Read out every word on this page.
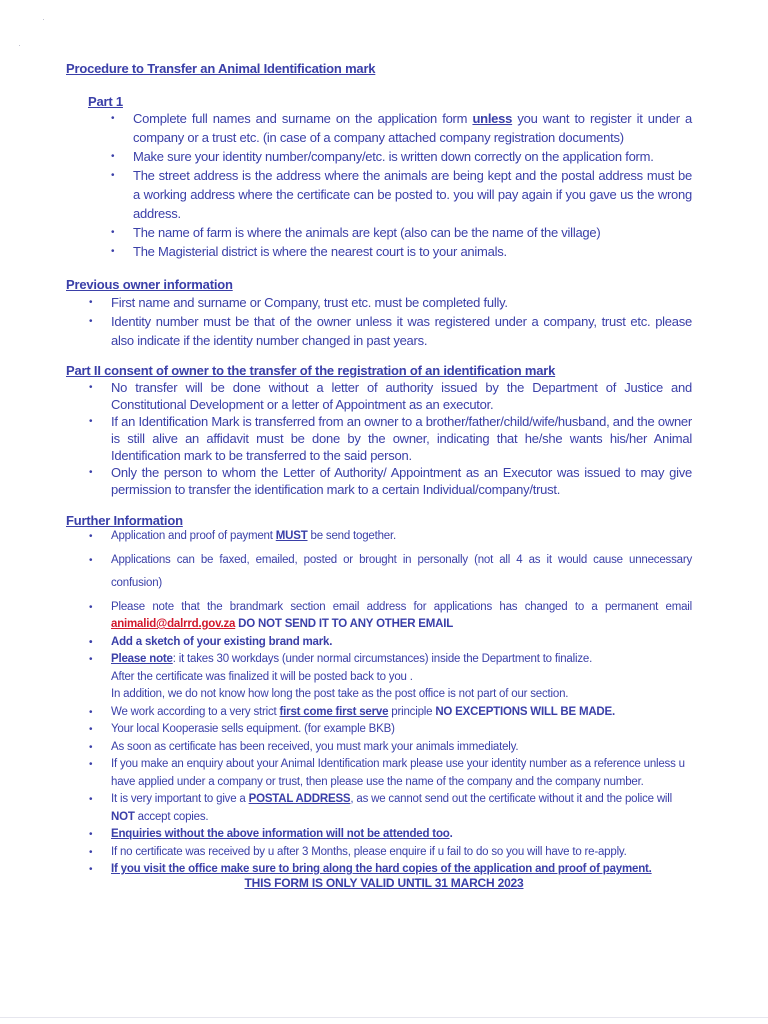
·
·
Procedure to Transfer an Animal Identification mark
Part 1
• Complete full names and surname on the application form unless you want to register it under a company or a trust etc. (in case of a company attached company registration documents)
• Make sure your identity number/company/etc. is written down correctly on the application form.
• The street address is the address where the animals are being kept and the postal address must be a working address where the certificate can be posted to. you will pay again if you gave us the wrong address.
• The name of farm is where the animals are kept (also can be the name of the village)
• The Magisterial district is where the nearest court is to your animals.
Previous owner information
• First name and surname or Company, trust etc. must be completed fully.
• Identity number must be that of the owner unless it was registered under a company, trust etc. please also indicate if the identity number changed in past years.
Part II consent of owner to the transfer of the registration of an identification mark
• No transfer will be done without a letter of authority issued by the Department of Justice and Constitutional Development or a letter of Appointment as an executor.
• If an Identification Mark is transferred from an owner to a brother/father/child/wife/husband, and the owner is still alive an affidavit must be done by the owner, indicating that he/she wants his/her Animal Identification mark to be transferred to the said person.
• Only the person to whom the Letter of Authority/ Appointment as an Executor was issued to may give permission to transfer the identification mark to a certain Individual/company/trust.
Further Information
• Application and proof of payment MUST be send together.
• Applications can be faxed, emailed, posted or brought in personally (not all 4 as it would cause unnecessary confusion)
• Please note that the brandmark section email address for applications has changed to a permanent email animalid@dalrrd.gov.za DO NOT SEND IT TO ANY OTHER EMAIL
• Add a sketch of your existing brand mark.
• Please note: it takes 30 workdays (under normal circumstances) inside the Department to finalize.
After the certificate was finalized it will be posted back to you .
In addition, we do not know how long the post take as the post office is not part of our section.
• We work according to a very strict first come first serve principle NO EXCEPTIONS WILL BE MADE.
• Your local Kooperasie sells equipment. (for example BKB)
• As soon as certificate has been received, you must mark your animals immediately.
• If you make an enquiry about your Animal Identification mark please use your identity number as a reference unless u have applied under a company or trust, then please use the name of the company and the company number.
• It is very important to give a POSTAL ADDRESS, as we cannot send out the certificate without it and the police will NOT accept copies.
• Enquiries without the above information will not be attended too.
• If no certificate was received by u after 3 Months, please enquire if u fail to do so you will have to re-apply.
• If you visit the office make sure to bring along the hard copies of the application and proof of payment.
THIS FORM IS ONLY VALID UNTIL 31 MARCH 2023
